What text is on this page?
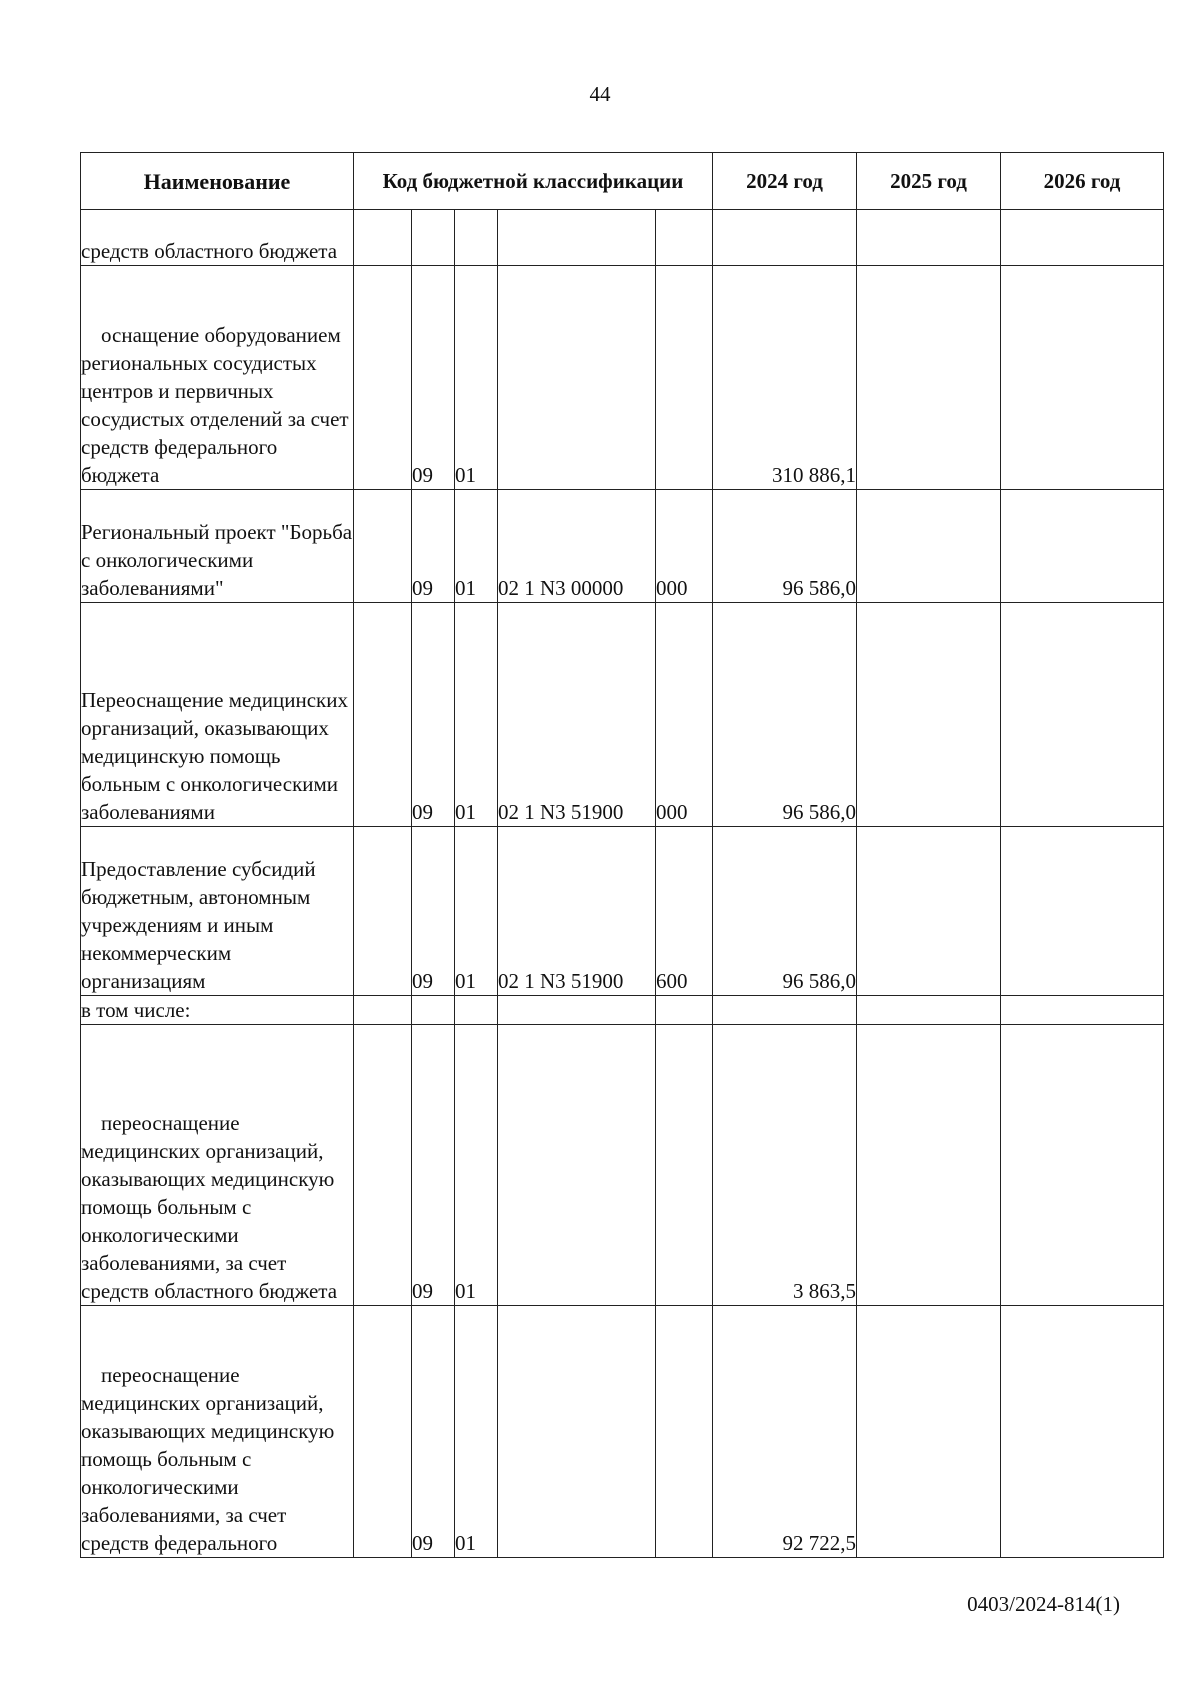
44
Наименование	Код бюджетной классификации					2024 год	2025 год	2026 год
средств областного бюджета								
оснащение оборудованием региональных сосудистых центров и первичных сосудистых отделений за счет средств федерального бюджета		09	01			310 886,1		
Региональный проект "Борьба с онкологическими заболеваниями"		09	01	02 1 N3 00000	000	96 586,0		
Переоснащение медицинских организаций, оказывающих медицинскую помощь больным с онкологическими заболеваниями		09	01	02 1 N3 51900	000	96 586,0		
Предоставление субсидий бюджетным, автономным учреждениям и иным некоммерческим организациям		09	01	02 1 N3 51900	600	96 586,0		
в том числе:								
переоснащение медицинских организаций, оказывающих медицинскую помощь больным с онкологическими заболеваниями, за счет средств областного бюджета		09	01			3 863,5		
переоснащение медицинских организаций, оказывающих медицинскую помощь больным с онкологическими заболеваниями, за счет средств федерального		09	01			92 722,5		
0403/2024-814(1)
